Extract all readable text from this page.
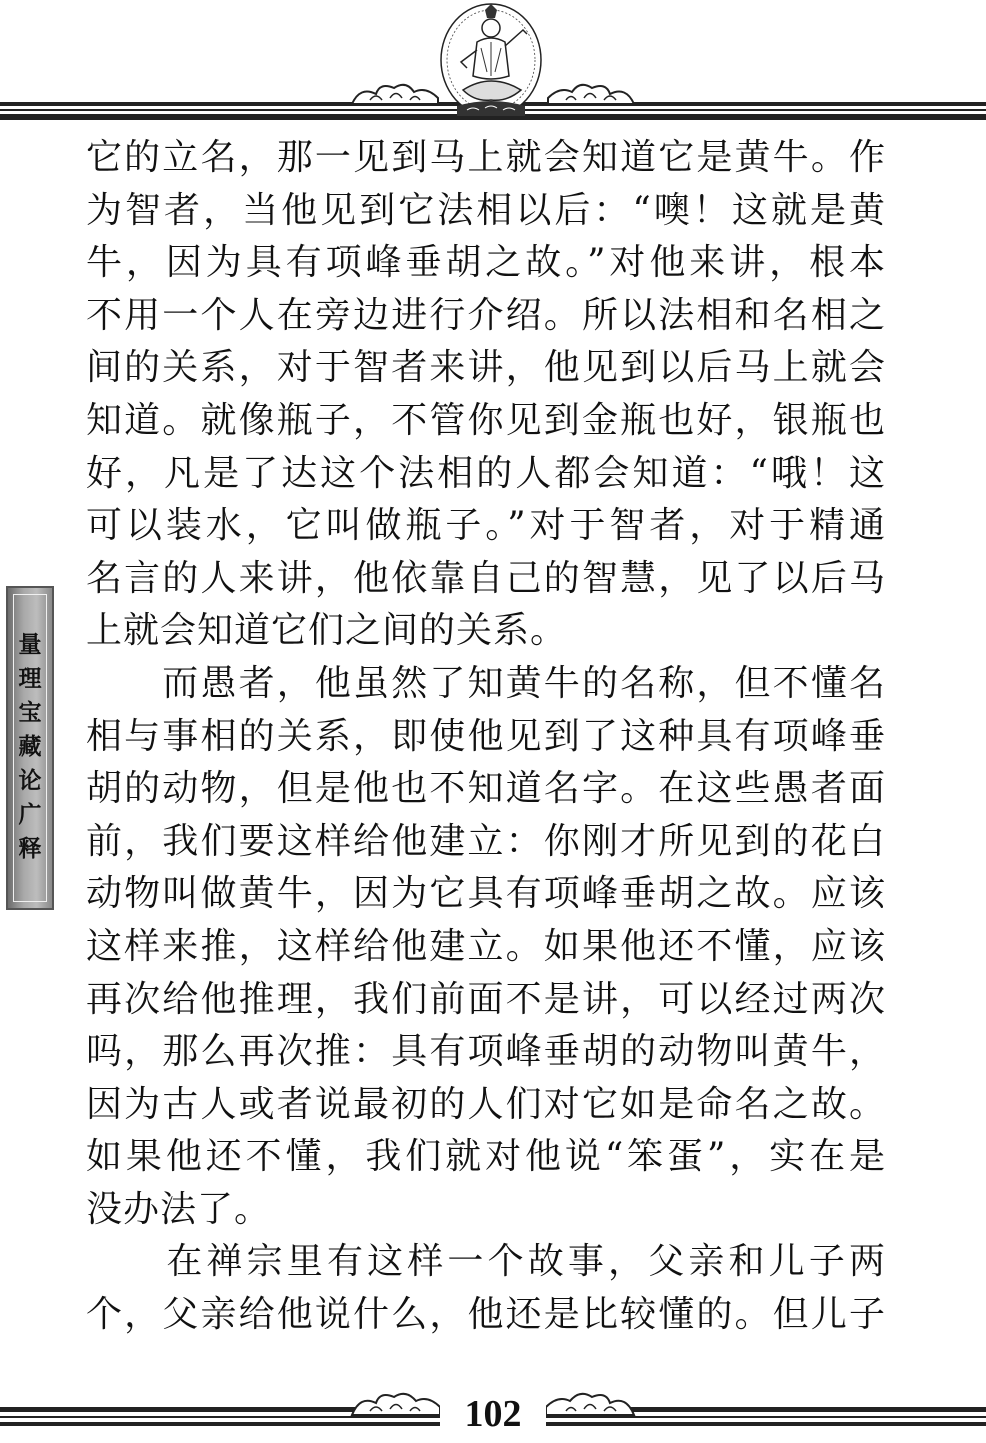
量理宝藏论广释
它的立名，那一见到马上就会知道它是黄牛。作
为智者，当他见到它法相以后：“噢！这就是黄
牛，因为具有项峰垂胡之故。”对他来讲，根本
不用一个人在旁边进行介绍。所以法相和名相之
间的关系，对于智者来讲，他见到以后马上就会
知道。就像瓶子，不管你见到金瓶也好，银瓶也
好，凡是了达这个法相的人都会知道：“哦！这
可以装水，它叫做瓶子。”对于智者，对于精通
名言的人来讲，他依靠自己的智慧，见了以后马
上就会知道它们之间的关系。
　　而愚者，他虽然了知黄牛的名称，但不懂名
相与事相的关系，即使他见到了这种具有项峰垂
胡的动物，但是他也不知道名字。在这些愚者面
前，我们要这样给他建立：你刚才所见到的花白
动物叫做黄牛，因为它具有项峰垂胡之故。应该
这样来推，这样给他建立。如果他还不懂，应该
再次给他推理，我们前面不是讲，可以经过两次
吗，那么再次推：具有项峰垂胡的动物叫黄牛，
因为古人或者说最初的人们对它如是命名之故。
如果他还不懂，我们就对他说“笨蛋”，实在是
没办法了。
　　在禅宗里有这样一个故事，父亲和儿子两
个，父亲给他说什么，他还是比较懂的。但儿子
102
